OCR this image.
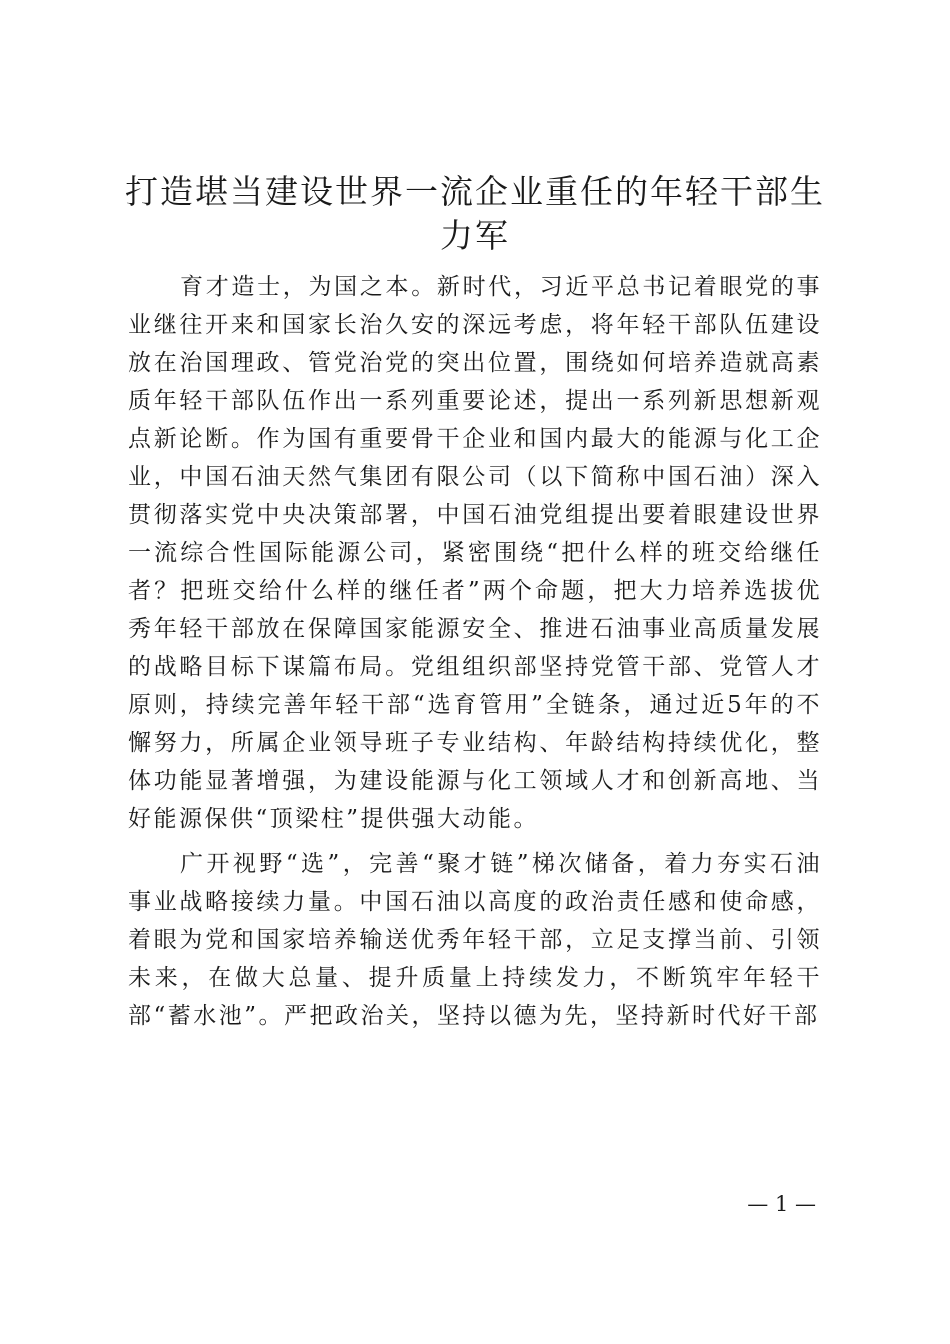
打造堪当建设世界一流企业重任的年轻干部生力军

育才造士，为国之本。新时代，习近平总书记着眼党的事业继往开来和国家长治久安的深远考虑，将年轻干部队伍建设放在治国理政、管党治党的突出位置，围绕如何培养造就高素质年轻干部队伍作出一系列重要论述，提出一系列新思想新观点新论断。作为国有重要骨干企业和国内最大的能源与化工企业，中国石油天然气集团有限公司（以下简称中国石油）深入贯彻落实党中央决策部署，中国石油党组提出要着眼建设世界一流综合性国际能源公司，紧密围绕“把什么样的班交给继任者？把班交给什么样的继任者”两个命题，把大力培养选拔优秀年轻干部放在保障国家能源安全、推进石油事业高质量发展的战略目标下谋篇布局。党组组织部坚持党管干部、党管人才原则，持续完善年轻干部“选育管用”全链条，通过近5年的不懈努力，所属企业领导班子专业结构、年龄结构持续优化，整体功能显著增强，为建设能源与化工领域人才和创新高地、当好能源保供“顶梁柱”提供强大动能。

广开视野“选”，完善“聚才链”梯次储备，着力夯实石油事业战略接续力量。中国石油以高度的政治责任感和使命感，着眼为党和国家培养输送优秀年轻干部，立足支撑当前、引领未来，在做大总量、提升质量上持续发力，不断筑牢年轻干部“蓄水池”。严把政治关，坚持以德为先，坚持新时代好干部

— 1 —
